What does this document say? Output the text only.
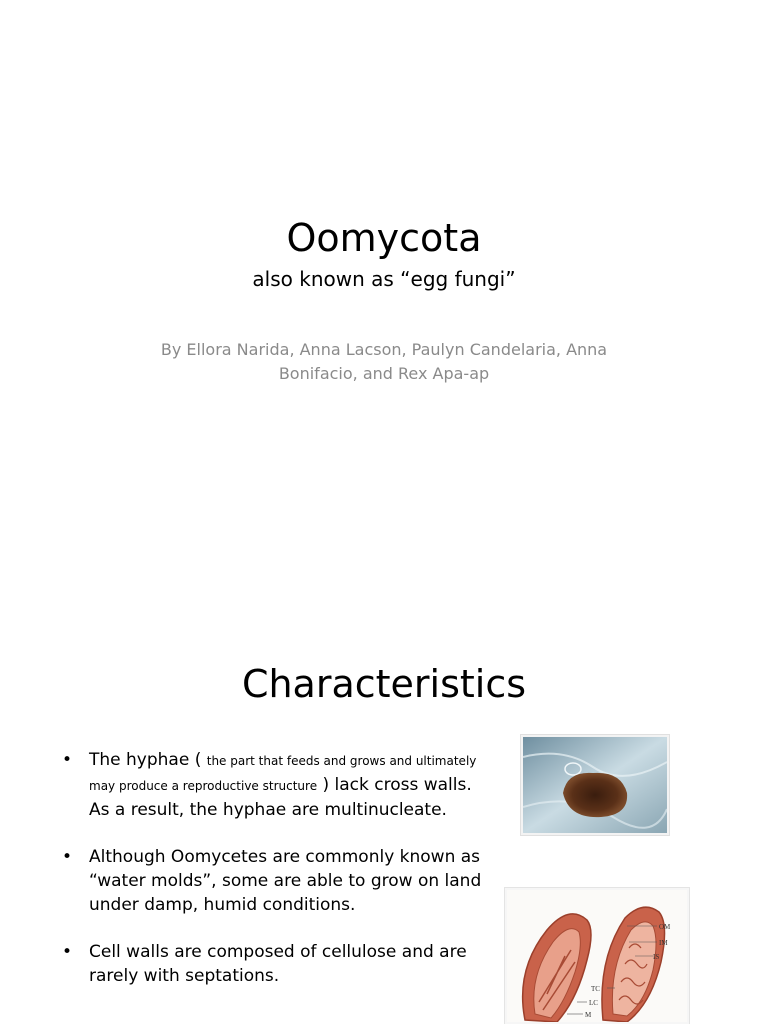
Oomycota
also known as “egg fungi”
By Ellora Narida, Anna Lacson, Paulyn Candelaria, Anna Bonifacio, and Rex Apa-ap
Characteristics
• The hyphae ( the part that feeds and grows and ultimately may produce a reproductive structure ) lack cross walls. As a result, the hyphae are multinucleate.
• Although Oomycetes are commonly known as “water molds”, some are able to grow on land under damp, humid conditions.
• Cell walls are composed of cellulose and are rarely with septations.
OM
IM
IS
TC
LC
M
